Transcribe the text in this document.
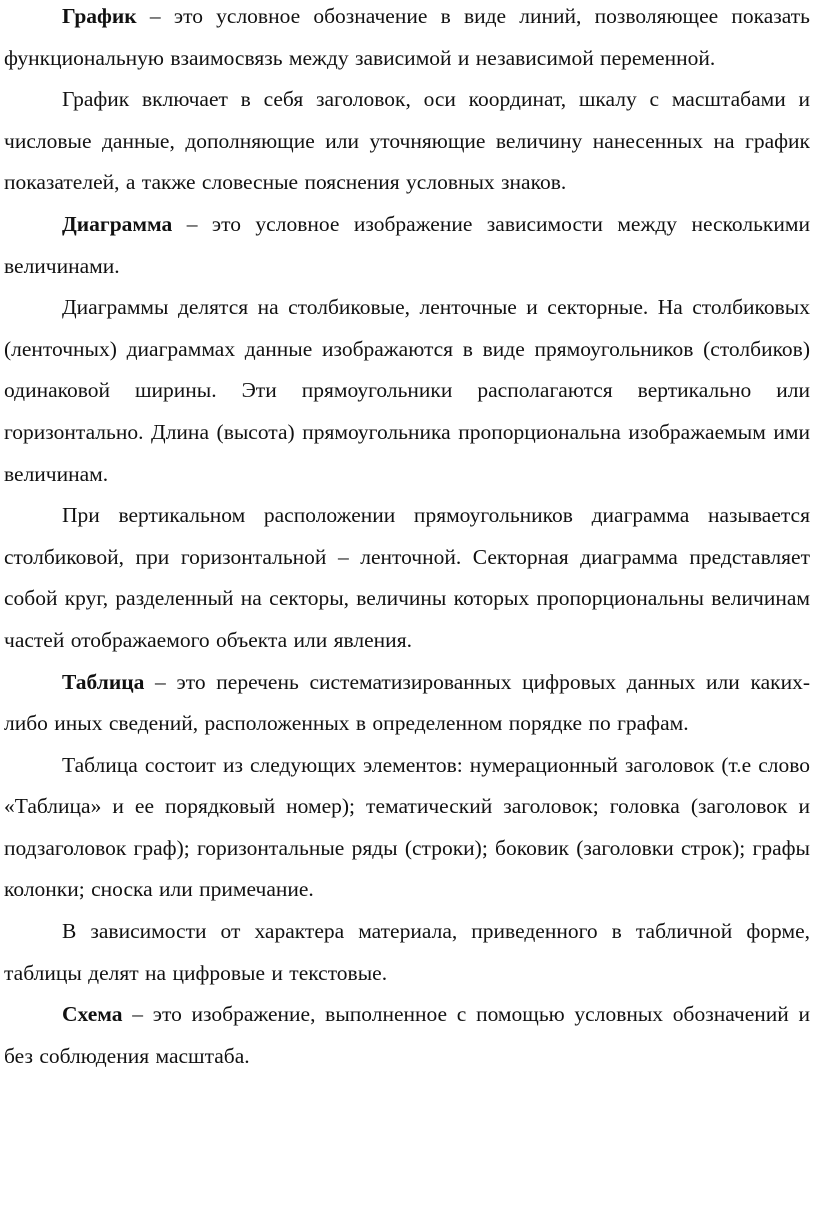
График – это условное обозначение в виде линий, позволяющее показать функциональную взаимосвязь между зависимой и независимой переменной.

График включает в себя заголовок, оси координат, шкалу с масштабами и числовые данные, дополняющие или уточняющие величину нанесенных на график показателей, а также словесные пояснения условных знаков.

Диаграмма – это условное изображение зависимости между несколькими величинами.

Диаграммы делятся на столбиковые, ленточные и секторные. На столбиковых (ленточных) диаграммах данные изображаются в виде прямоугольников (столбиков) одинаковой ширины. Эти прямоугольники располагаются вертикально или горизонтально. Длина (высота) прямоугольника пропорциональна изображаемым ими величинам.

При вертикальном расположении прямоугольников диаграмма называется столбиковой, при горизонтальной – ленточной. Секторная диаграмма представляет собой круг, разделенный на секторы, величины которых пропорциональны величинам частей отображаемого объекта или явления.

Таблица – это перечень систематизированных цифровых данных или каких-либо иных сведений, расположенных в определенном порядке по графам.

Таблица состоит из следующих элементов: нумерационный заголовок (т.е слово «Таблица» и ее порядковый номер); тематический заголовок; головка (заголовок и подзаголовок граф); горизонтальные ряды (строки); боковик (заголовки строк); графы колонки; сноска или примечание.

В зависимости от характера материала, приведенного в табличной форме, таблицы делят на цифровые и текстовые.

Схема – это изображение, выполненное с помощью условных обозначений и без соблюдения масштаба.
